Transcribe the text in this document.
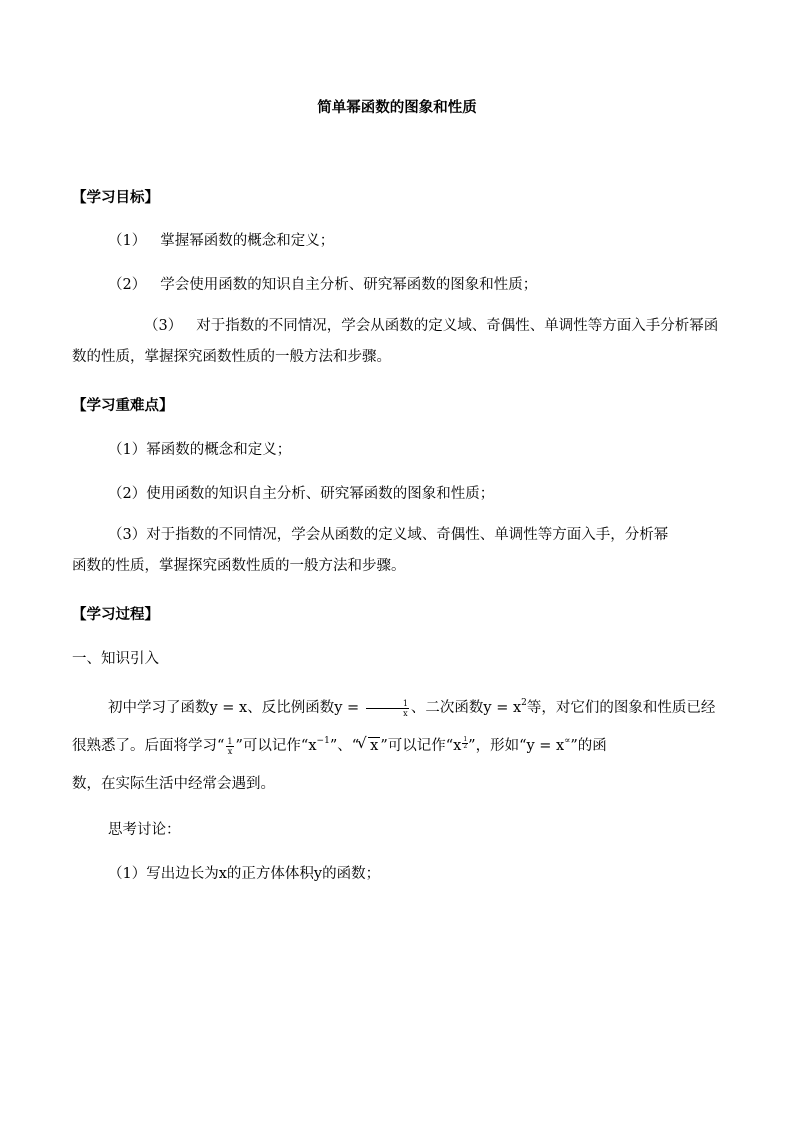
简单幂函数的图象和性质
【学习目标】
（1） 掌握幂函数的概念和定义；
（2） 学会使用函数的知识自主分析、研究幂函数的图象和性质；
（3） 对于指数的不同情况，学会从函数的定义域、奇偶性、单调性等方面入手分析幂函
数的性质，掌握探究函数性质的一般方法和步骤。
【学习重难点】
（1）幂函数的概念和定义；
（2）使用函数的知识自主分析、研究幂函数的图象和性质；
（3）对于指数的不同情况，学会从函数的定义域、奇偶性、单调性等方面入手，分析幂
函数的性质，掌握探究函数性质的一般方法和步骤。
【学习过程】
一、知识引入
初中学习了函数y = x、反比例函数$y = \frac{1}{x}$ 、二次函数$y = x^2$等，对它们的图象和性质已经
很熟悉了。后面将学习“ $\frac{1}{x}$ ”可以记作“$x^{-1}$”、“√ x ”可以记作“$x \frac{1}{2}$ ”，形如“y = x∝”的函
数，在实际生活中经常会遇到。
思考讨论：
（1）写出边长为x的正方体体积y的函数；
